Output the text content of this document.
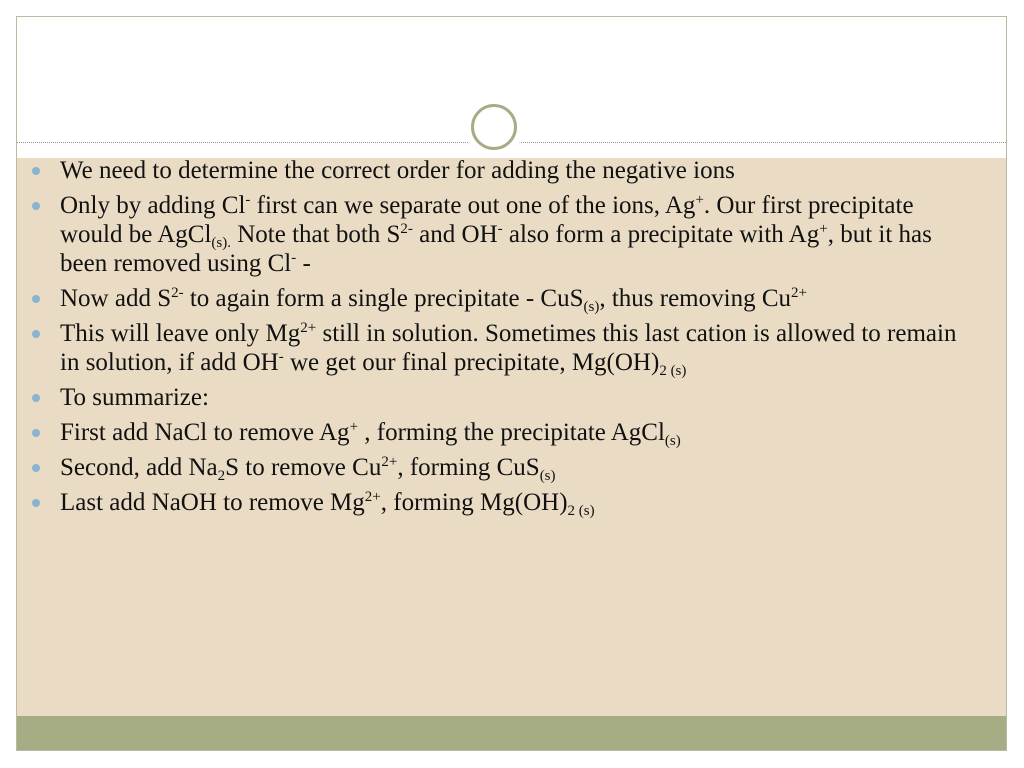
We need to determine the correct order for adding the negative ions
Only by adding Cl- first can we separate out one of the ions, Ag+. Our first precipitate would be AgCl$_{(s).}$ Note that both $S^{2-}$ and OH- also form a precipitate with Ag+, but it has been removed using Cl- -
Now add $S^{2-}$ to again form a single precipitate - CuS$_{(s)}$, thus removing $Cu^{2+}$
This will leave only $Mg^{2+}$ still in solution. Sometimes this last cation is allowed to remain in solution, if add OH- we get our final precipitate, $Mg(OH)_{2 (s)}$
To summarize:
First add NaCl to remove Ag+ , forming the precipitate AgCl$_{(s)}$
Second, add $Na_2S$ to remove $Cu^{2+}$, forming CuS$_{(s)}$
Last add NaOH to remove $Mg^{2+}$, forming $Mg(OH)_{2 (s)}$
